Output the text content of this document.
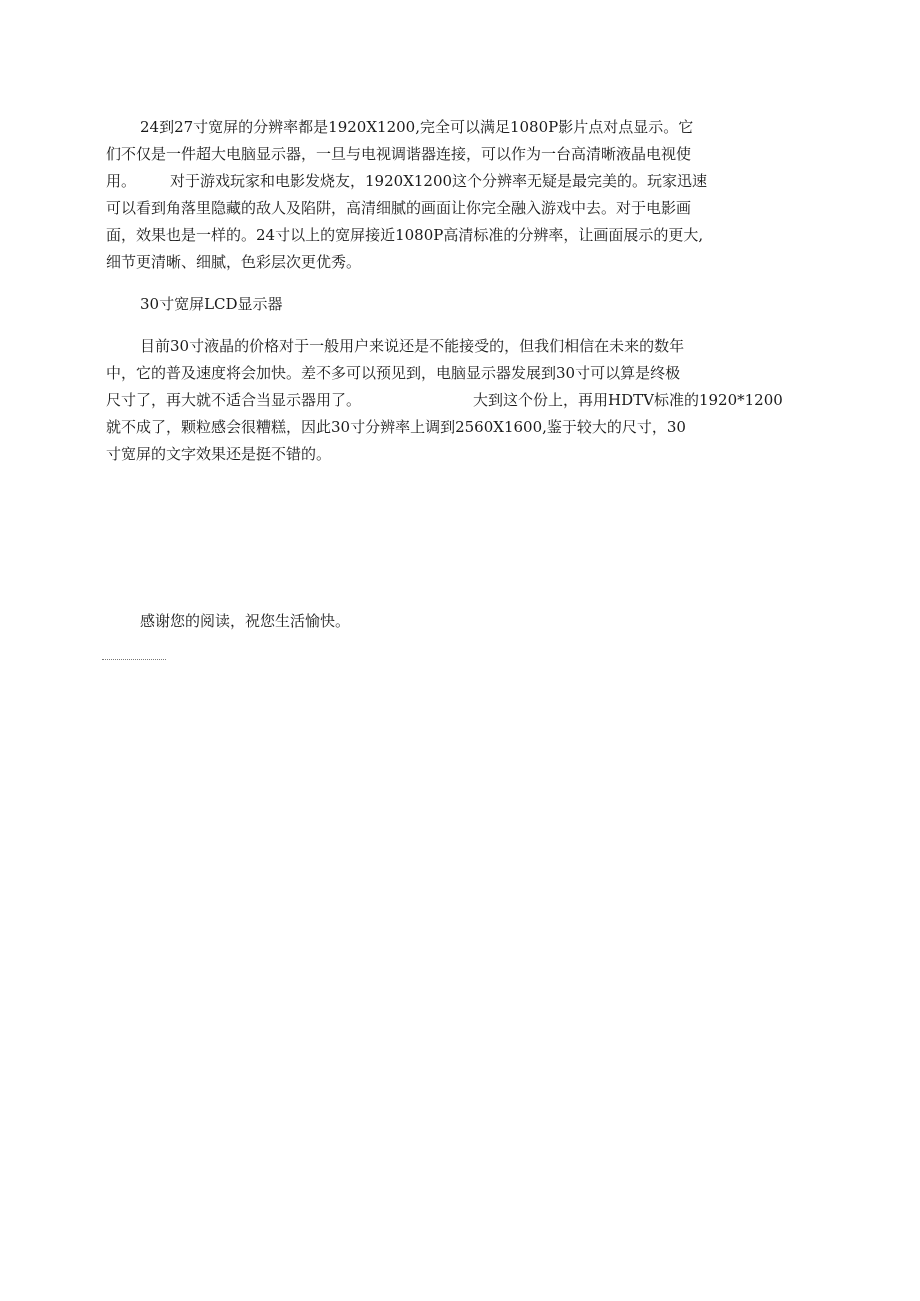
24到27寸宽屏的分辨率都是1920X1200,完全可以满足1080P影片点对点显示。它
们不仅是一件超大电脑显示器，一旦与电视调谐器连接，可以作为一台高清晰液晶电视使
用。 对于游戏玩家和电影发烧友，1920X1200这个分辨率无疑是最完美的。玩家迅速
可以看到角落里隐藏的敌人及陷阱，高清细腻的画面让你完全融入游戏中去。对于电影画
面，效果也是一样的。24寸以上的宽屏接近1080P高清标准的分辨率，让画面展示的更大,
细节更清晰、细腻，色彩层次更优秀。
30寸宽屏LCD显示器
目前30寸液晶的价格对于一般用户来说还是不能接受的，但我们相信在未来的数年
中，它的普及速度将会加快。差不多可以预见到，电脑显示器发展到30寸可以算是终极
尺寸了，再大就不适合当显示器用了。	大到这个份上，再用HDTV标准的1920*1200
就不成了，颗粒感会很糟糕，因此30寸分辨率上调到2560X1600,鉴于较大的尺寸，30
寸宽屏的文字效果还是挺不错的。
感谢您的阅读，祝您生活愉快。
